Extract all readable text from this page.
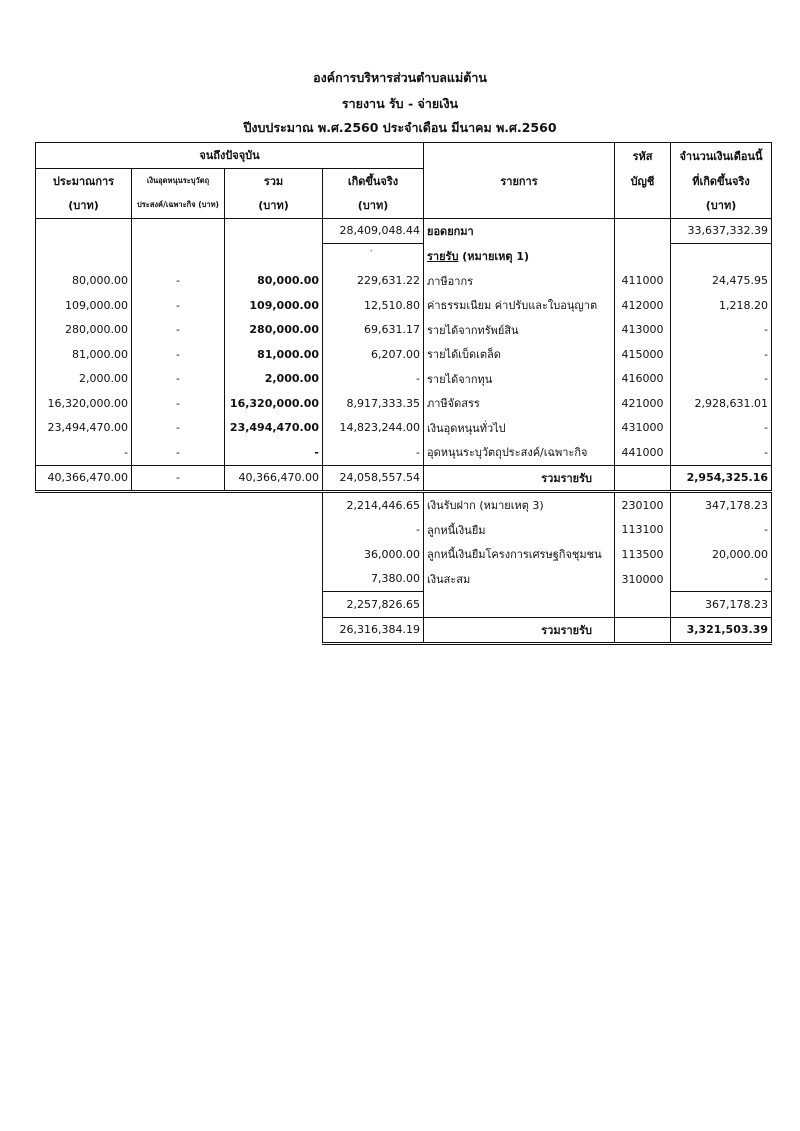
องค์การบริหารส่วนตำบลแม่ต้าน
รายงาน รับ - จ่ายเงิน
ปีงบประมาณ พ.ศ.2560 ประจำเดือน มีนาคม พ.ศ.2560
จนถึงปัจจุบัน					รหัส	จำนวนเงินเดือนนี้
ประมาณการ	เงินอุดหนุนระบุวัตถุ	รวม	เกิดขึ้นจริง	รายการ	บัญชี	ที่เกิดขึ้นจริง
(บาท)	ประสงค์/เฉพาะกิจ (บาท)	(บาท)	(บาท)			(บาท)
			28,409,048.44	ยอดยกมา		33,637,332.39
				รายรับ (หมายเหตุ 1)		
80,000.00	-	80,000.00	229,631.22	ภาษีอากร	411000	24,475.95
109,000.00	-	109,000.00	12,510.80	ค่าธรรมเนียม ค่าปรับและใบอนุญาต	412000	1,218.20
280,000.00	-	280,000.00	69,631.17	รายได้จากทรัพย์สิน	413000	-
81,000.00	-	81,000.00	6,207.00	รายได้เบ็ดเตล็ด	415000	-
2,000.00	-	2,000.00	-	รายได้จากทุน	416000	-
16,320,000.00	-	16,320,000.00	8,917,333.35	ภาษีจัดสรร	421000	2,928,631.01
23,494,470.00	-	23,494,470.00	14,823,244.00	เงินอุดหนุนทั่วไป	431000	-
-	-	-	-	อุดหนุนระบุวัตถุประสงค์/เฉพาะกิจ	441000	-
40,366,470.00	-	40,366,470.00	24,058,557.54	รวมรายรับ		2,954,325.16
			2,214,446.65	เงินรับฝาก (หมายเหตุ 3)	230100	347,178.23
			-	ลูกหนี้เงินยืม	113100	-
			36,000.00	ลูกหนี้เงินยืมโครงการเศรษฐกิจชุมชน	113500	20,000.00
			7,380.00	เงินสะสม	310000	-
			2,257,826.65			367,178.23
			26,316,384.19	รวมรายรับ		3,321,503.39
